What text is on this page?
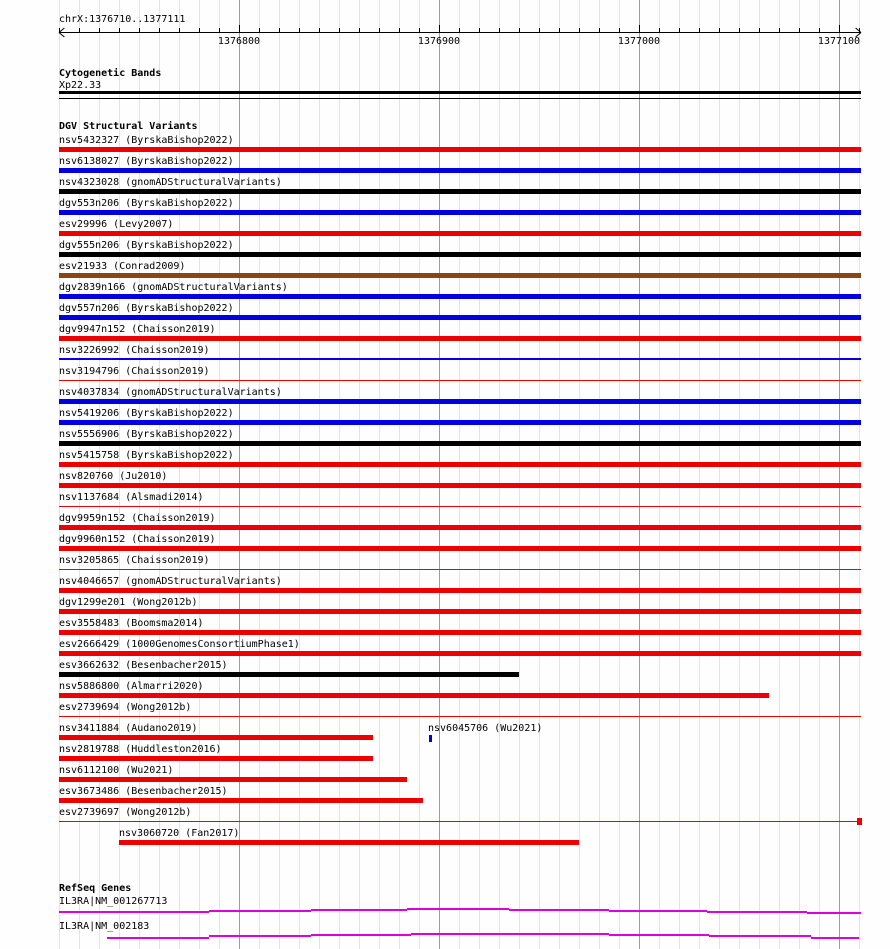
chrX:1376710..1377111
1376800	1376900	1377000	1377100
Cytogenetic Bands
Xp22.33
DGV Structural Variants
nsv5432327 (ByrskaBishop2022)
nsv6138027 (ByrskaBishop2022)
nsv4323028 (gnomADStructuralVariants)
dgv553n206 (ByrskaBishop2022)
esv29996 (Levy2007)
dgv555n206 (ByrskaBishop2022)
esv21933 (Conrad2009)
dgv2839n166 (gnomADStructuralVariants)
dgv557n206 (ByrskaBishop2022)
dgv9947n152 (Chaisson2019)
nsv3226992 (Chaisson2019)
nsv3194796 (Chaisson2019)
nsv4037834 (gnomADStructuralVariants)
nsv5419206 (ByrskaBishop2022)
nsv5556906 (ByrskaBishop2022)
nsv5415758 (ByrskaBishop2022)
nsv820760 (Ju2010)
nsv1137684 (Alsmadi2014)
dgv9959n152 (Chaisson2019)
dgv9960n152 (Chaisson2019)
nsv3205865 (Chaisson2019)
nsv4046657 (gnomADStructuralVariants)
dgv1299e201 (Wong2012b)
esv3558483 (Boomsma2014)
esv2666429 (1000GenomesConsortiumPhase1)
esv3662632 (Besenbacher2015)
nsv5886800 (Almarri2020)
esv2739694 (Wong2012b)
nsv3411884 (Audano2019)	nsv6045706 (Wu2021)
nsv2819788 (Huddleston2016)
nsv6112100 (Wu2021)
esv3673486 (Besenbacher2015)
esv2739697 (Wong2012b)
nsv3060720 (Fan2017)
RefSeq Genes
IL3RA|NM_001267713
IL3RA|NM_002183
